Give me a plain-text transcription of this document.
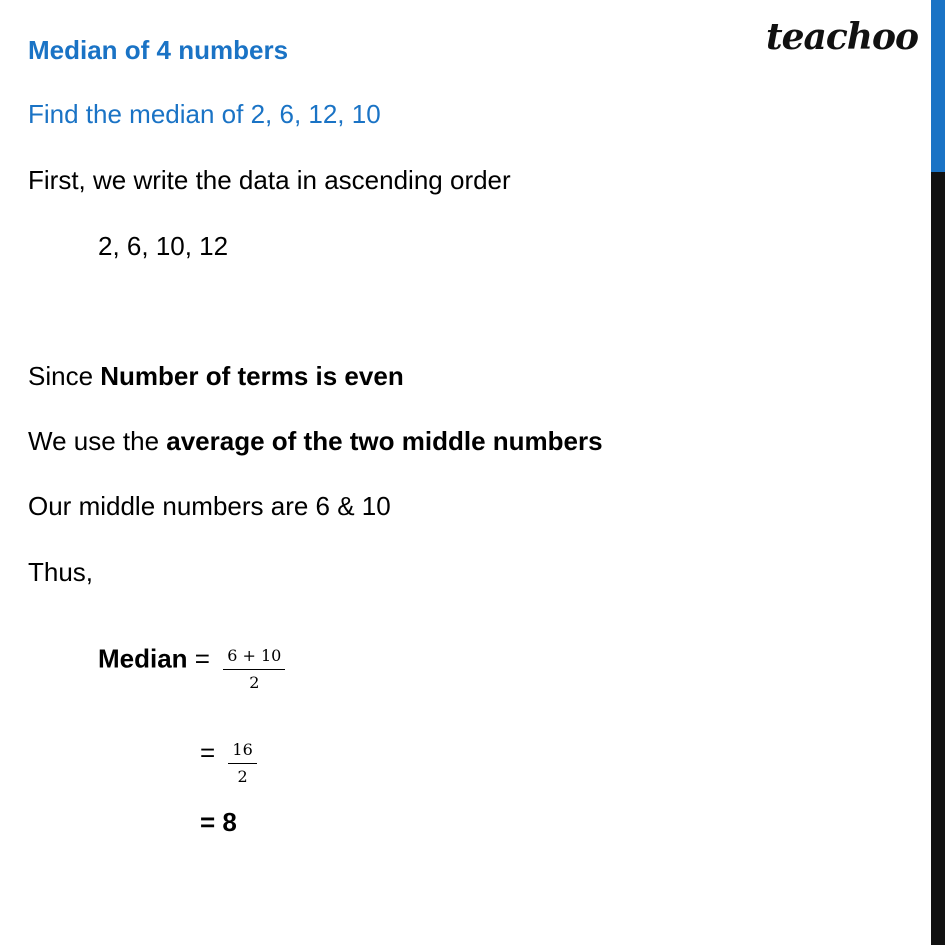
teachoo
Median of 4 numbers
Find the median of 2, 6, 12, 10
First, we write the data in ascending order
2, 6, 10, 12
Since Number of terms is even
We use the average of the two middle numbers
Our middle numbers are 6 & 10
Thus,
Median = $\frac{6 + 10}{2}$
= $\frac{16}{2}$
= 8
